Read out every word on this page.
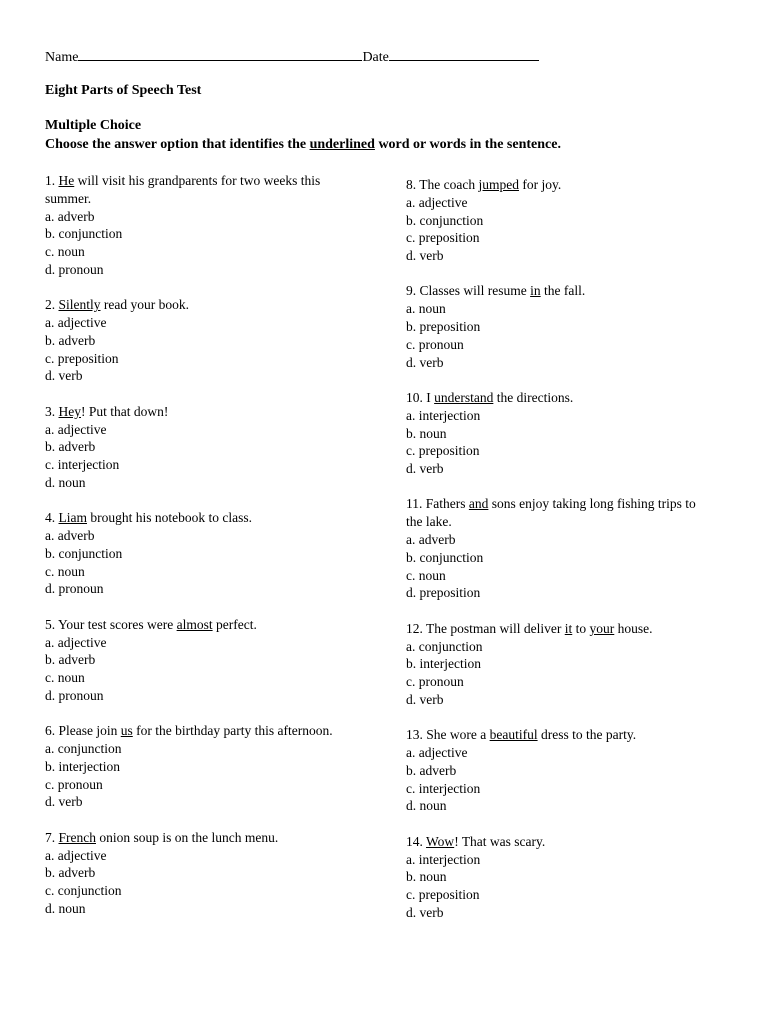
Name	Date
Eight Parts of Speech Test
Multiple Choice
Choose the answer option that identifies the underlined word or words in the sentence.
1. He will visit his grandparents for two weeks this summer.
a. adverb
b. conjunction
c. noun
d. pronoun
2. Silently read your book.
a. adjective
b. adverb
c. preposition
d. verb
3. Hey! Put that down!
a. adjective
b. adverb
c. interjection
d. noun
4. Liam brought his notebook to class.
a. adverb
b. conjunction
c. noun
d. pronoun
5. Your test scores were almost perfect.
a. adjective
b. adverb
c. noun
d. pronoun
6. Please join us for the birthday party this afternoon.
a. conjunction
b. interjection
c. pronoun
d. verb
7. French onion soup is on the lunch menu.
a. adjective
b. adverb
c. conjunction
d. noun
8. The coach jumped for joy.
a. adjective
b. conjunction
c. preposition
d. verb
9. Classes will resume in the fall.
a. noun
b. preposition
c. pronoun
d. verb
10. I understand the directions.
a. interjection
b. noun
c. preposition
d. verb
11. Fathers and sons enjoy taking long fishing trips to the lake.
a. adverb
b. conjunction
c. noun
d. preposition
12. The postman will deliver it to your house.
a. conjunction
b. interjection
c. pronoun
d. verb
13. She wore a beautiful dress to the party.
a. adjective
b. adverb
c. interjection
d. noun
14. Wow! That was scary.
a. interjection
b. noun
c. preposition
d. verb
